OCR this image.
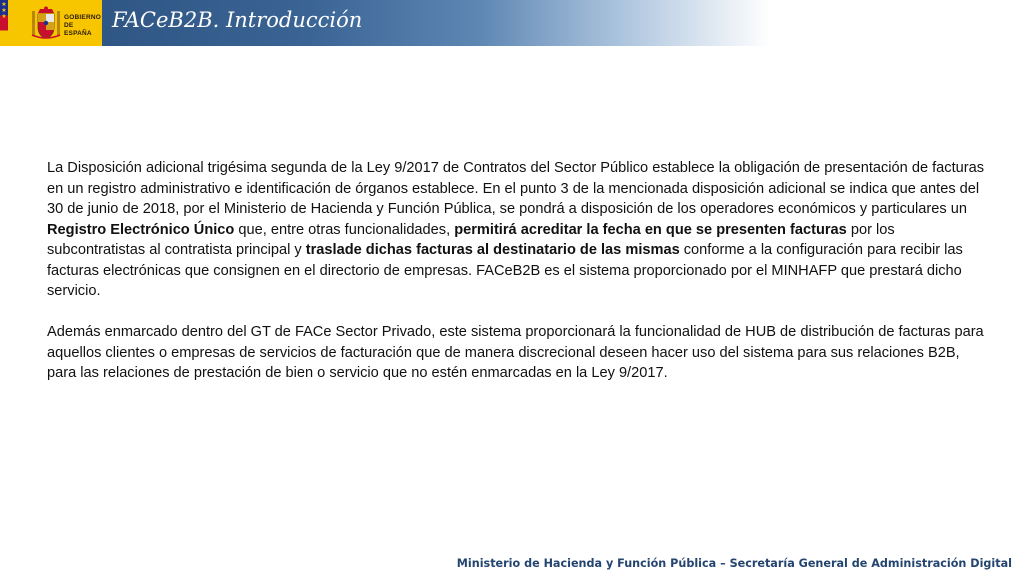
★ ★ ★	GOBIERNO
DE ESPAÑA
FACeB2B. Introducción

La Disposición adicional trigésima segunda de la Ley 9/2017 de Contratos del Sector Público establece la obligación de presentación de facturas en un registro administrativo e identificación de órganos establece. En el punto 3 de la mencionada disposición adicional se indica que antes del 30 de junio de 2018, por el Ministerio de Hacienda y Función Pública, se pondrá a disposición de los operadores económicos y particulares un Registro Electrónico Único que, entre otras funcionalidades, permitirá acreditar la fecha en que se presenten facturas por los subcontratistas al contratista principal y traslade dichas facturas al destinatario de las mismas conforme a la configuración para recibir las facturas electrónicas que consignen en el directorio de empresas. FACeB2B es el sistema proporcionado por el MINHAFP que prestará dicho servicio.

Además enmarcado dentro del GT de FACe Sector Privado, este sistema proporcionará la funcionalidad de HUB de distribución de facturas para aquellos clientes o empresas de servicios de facturación que de manera discrecional deseen hacer uso del sistema para sus relaciones B2B, para las relaciones de prestación de bien o servicio que no estén enmarcadas en la Ley 9/2017.

Ministerio de Hacienda y Función Pública – Secretaría General de Administración Digital
